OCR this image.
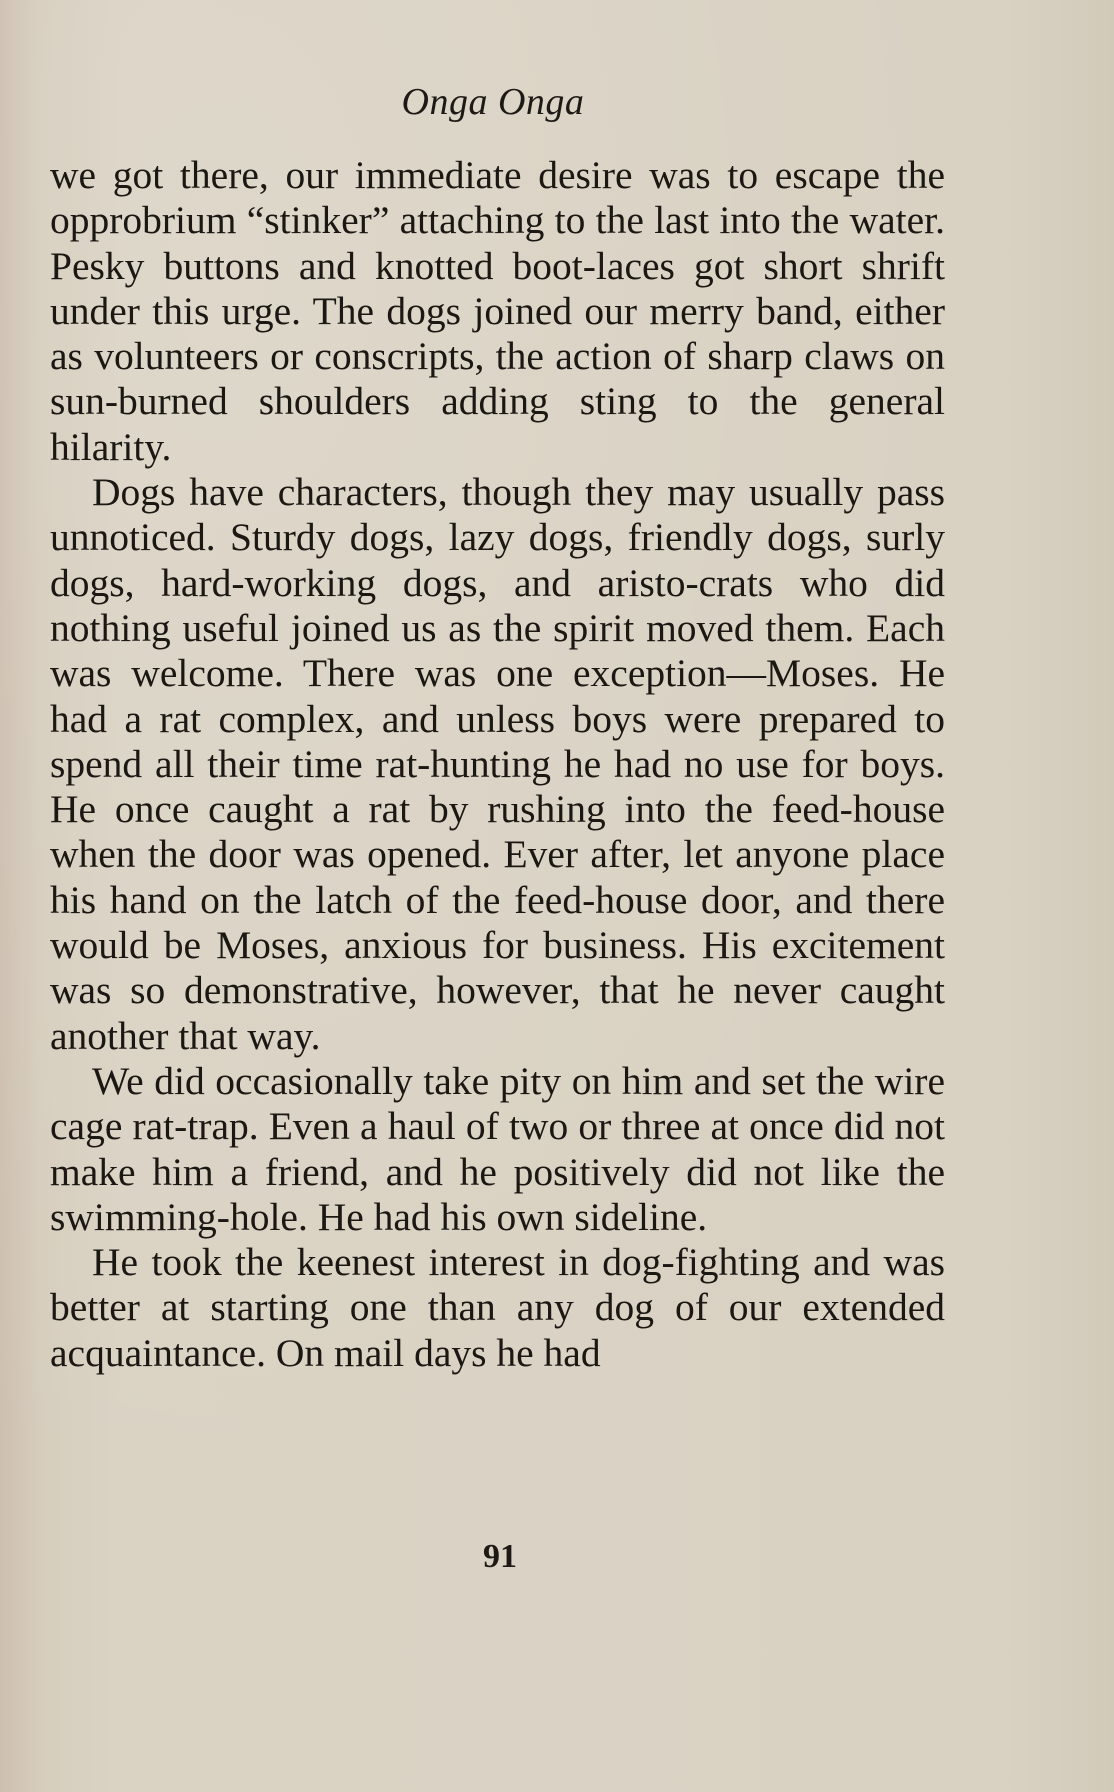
Onga Onga

we got there, our immediate desire was to escape the opprobrium “stinker” attaching to the last into the water. Pesky buttons and knotted boot-laces got short shrift under this urge. The dogs joined our merry band, either as volunteers or conscripts, the action of sharp claws on sun-burned shoulders adding sting to the general hilarity.

Dogs have characters, though they may usually pass unnoticed. Sturdy dogs, lazy dogs, friendly dogs, surly dogs, hard-working dogs, and aristo-crats who did nothing useful joined us as the spirit moved them. Each was welcome. There was one exception—Moses. He had a rat complex, and unless boys were prepared to spend all their time rat-hunting he had no use for boys. He once caught a rat by rushing into the feed-house when the door was opened. Ever after, let anyone place his hand on the latch of the feed-house door, and there would be Moses, anxious for business. His excitement was so demonstrative, however, that he never caught another that way.

We did occasionally take pity on him and set the wire cage rat-trap. Even a haul of two or three at once did not make him a friend, and he positively did not like the swimming-hole. He had his own sideline.

He took the keenest interest in dog-fighting and was better at starting one than any dog of our extended acquaintance. On mail days he had

91
